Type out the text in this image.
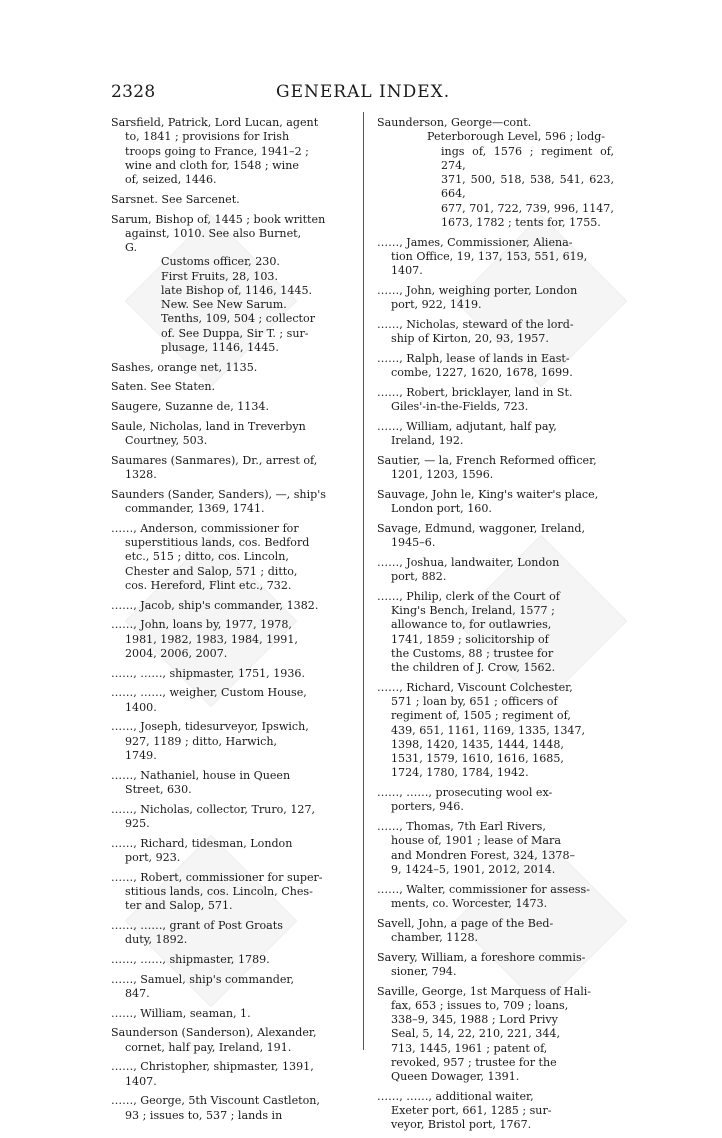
2328	GENERAL INDEX.
Sarsfield, Patrick, Lord Lucan, agent
to, 1841 ; provisions for Irish
troops going to France, 1941–2 ;
wine and cloth for, 1548 ; wine
of, seized, 1446.
Sarsnet. See Sarcenet.
Sarum, Bishop of, 1445 ; book written
against, 1010. See also Burnet,
G.
Customs officer, 230.
First Fruits, 28, 103.
late Bishop of, 1146, 1445.
New. See New Sarum.
Tenths, 109, 504 ; collector
of. See Duppa, Sir T. ; sur-
plusage, 1146, 1445.
Sashes, orange net, 1135.
Saten. See Staten.
Saugere, Suzanne de, 1134.
Saule, Nicholas, land in Treverbyn
Courtney, 503.
Saumares (Sanmares), Dr., arrest of,
1328.
Saunders (Sander, Sanders), —, ship's
commander, 1369, 1741.
……, Anderson, commissioner for
superstitious lands, cos. Bedford
etc., 515 ; ditto, cos. Lincoln,
Chester and Salop, 571 ; ditto,
cos. Hereford, Flint etc., 732.
……, Jacob, ship's commander, 1382.
……, John, loans by, 1977, 1978,
1981, 1982, 1983, 1984, 1991,
2004, 2006, 2007.
……, ……, shipmaster, 1751, 1936.
……, ……, weigher, Custom House,
1400.
……, Joseph, tidesurveyor, Ipswich,
927, 1189 ; ditto, Harwich,
1749.
……, Nathaniel, house in Queen
Street, 630.
……, Nicholas, collector, Truro, 127,
925.
……, Richard, tidesman, London
port, 923.
……, Robert, commissioner for super-
stitious lands, cos. Lincoln, Ches-
ter and Salop, 571.
……, ……, grant of Post Groats
duty, 1892.
……, ……, shipmaster, 1789.
……, Samuel, ship's commander,
847.
……, William, seaman, 1.
Saunderson (Sanderson), Alexander,
cornet, half pay, Ireland, 191.
……, Christopher, shipmaster, 1391,
1407.
……, George, 5th Viscount Castleton,
93 ; issues to, 537 ; lands in
Saunderson, George—cont.
Peterborough Level, 596 ; lodg-
ings of, 1576 ; regiment of, 274,
371, 500, 518, 538, 541, 623, 664,
677, 701, 722, 739, 996, 1147,
1673, 1782 ; tents for, 1755.
……, James, Commissioner, Aliena-
tion Office, 19, 137, 153, 551, 619,
1407.
……, John, weighing porter, London
port, 922, 1419.
……, Nicholas, steward of the lord-
ship of Kirton, 20, 93, 1957.
……, Ralph, lease of lands in East-
combe, 1227, 1620, 1678, 1699.
……, Robert, bricklayer, land in St.
Giles'-in-the-Fields, 723.
……, William, adjutant, half pay,
Ireland, 192.
Sautier, — la, French Reformed officer,
1201, 1203, 1596.
Sauvage, John le, King's waiter's place,
London port, 160.
Savage, Edmund, waggoner, Ireland,
1945–6.
……, Joshua, landwaiter, London
port, 882.
……, Philip, clerk of the Court of
King's Bench, Ireland, 1577 ;
allowance to, for outlawries,
1741, 1859 ; solicitorship of
the Customs, 88 ; trustee for
the children of J. Crow, 1562.
……, Richard, Viscount Colchester,
571 ; loan by, 651 ; officers of
regiment of, 1505 ; regiment of,
439, 651, 1161, 1169, 1335, 1347,
1398, 1420, 1435, 1444, 1448,
1531, 1579, 1610, 1616, 1685,
1724, 1780, 1784, 1942.
……, ……, prosecuting wool ex-
porters, 946.
……, Thomas, 7th Earl Rivers,
house of, 1901 ; lease of Mara
and Mondren Forest, 324, 1378–
9, 1424–5, 1901, 2012, 2014.
……, Walter, commissioner for assess-
ments, co. Worcester, 1473.
Savell, John, a page of the Bed-
chamber, 1128.
Savery, William, a foreshore commis-
sioner, 794.
Saville, George, 1st Marquess of Hali-
fax, 653 ; issues to, 709 ; loans,
338–9, 345, 1988 ; Lord Privy
Seal, 5, 14, 22, 210, 221, 344,
713, 1445, 1961 ; patent of,
revoked, 957 ; trustee for the
Queen Dowager, 1391.
……, ……, additional waiter,
Exeter port, 661, 1285 ; sur-
veyor, Bristol port, 1767.
